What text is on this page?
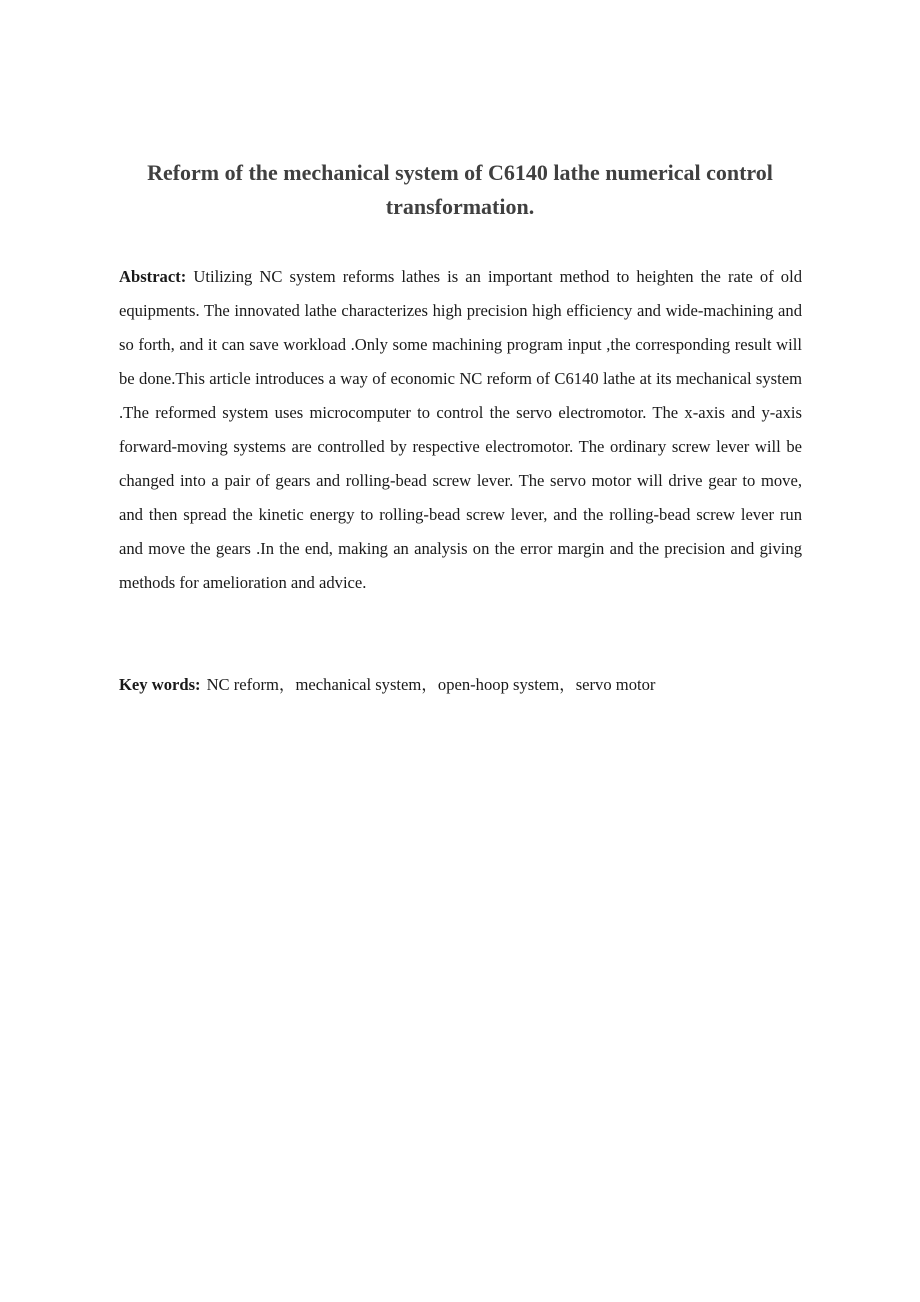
Reform of the mechanical system of C6140 lathe numerical control transformation.

Abstract: Utilizing NC system reforms lathes is an important method to heighten the rate of old equipments. The innovated lathe characterizes high precision high efficiency and wide-machining and so forth, and it can save workload .Only some machining program input ,the corresponding result will be done.This article introduces a way of economic NC reform of C6140 lathe at its mechanical system .The reformed system uses microcomputer to control the servo electromotor. The x-axis and y-axis forward-moving systems are controlled by respective electromotor. The ordinary screw lever will be changed into a pair of gears and rolling-bead screw lever. The servo motor will drive gear to move, and then spread the kinetic energy to rolling-bead screw lever, and the rolling-bead screw lever run and move the gears .In the end, making an analysis on the error margin and the precision and giving methods for amelioration and advice.

Key words: NC reform，mechanical system，open-hoop system，servo motor
